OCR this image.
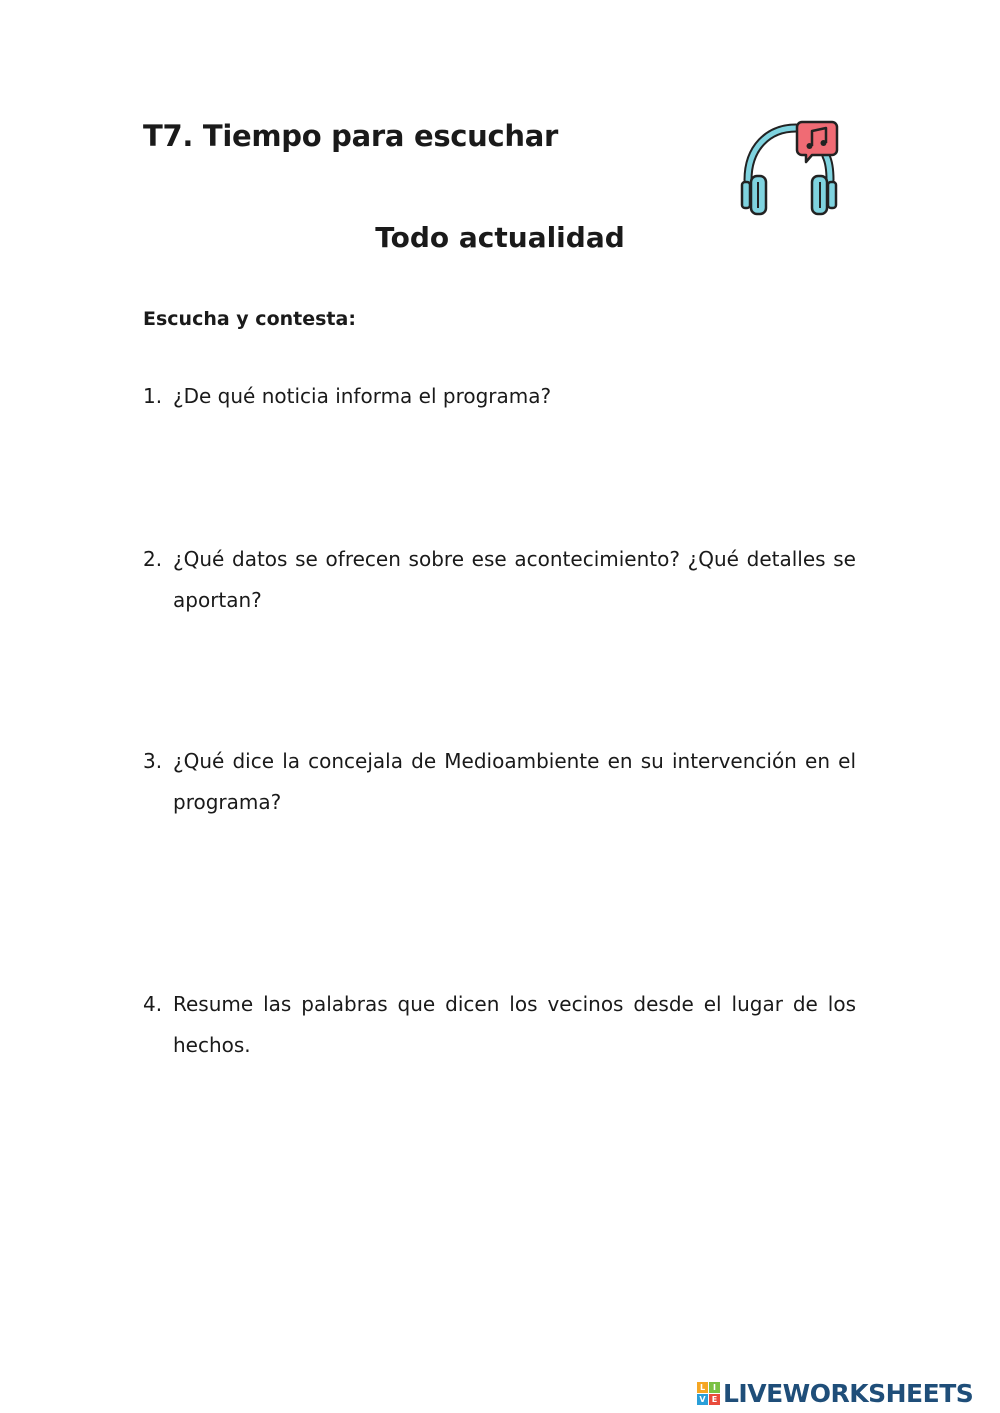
T7. Tiempo para escuchar
Todo actualidad

Escucha y contesta:

1. ¿De qué noticia informa el programa?
2. ¿Qué datos se ofrecen sobre ese acontecimiento? ¿Qué detalles se aportan?
3. ¿Qué dice la concejala de Medioambiente en su intervención en el programa?
4. Resume las palabras que dicen los vecinos desde el lugar de los hechos.
L I
V E LIVEWORKSHEETS
